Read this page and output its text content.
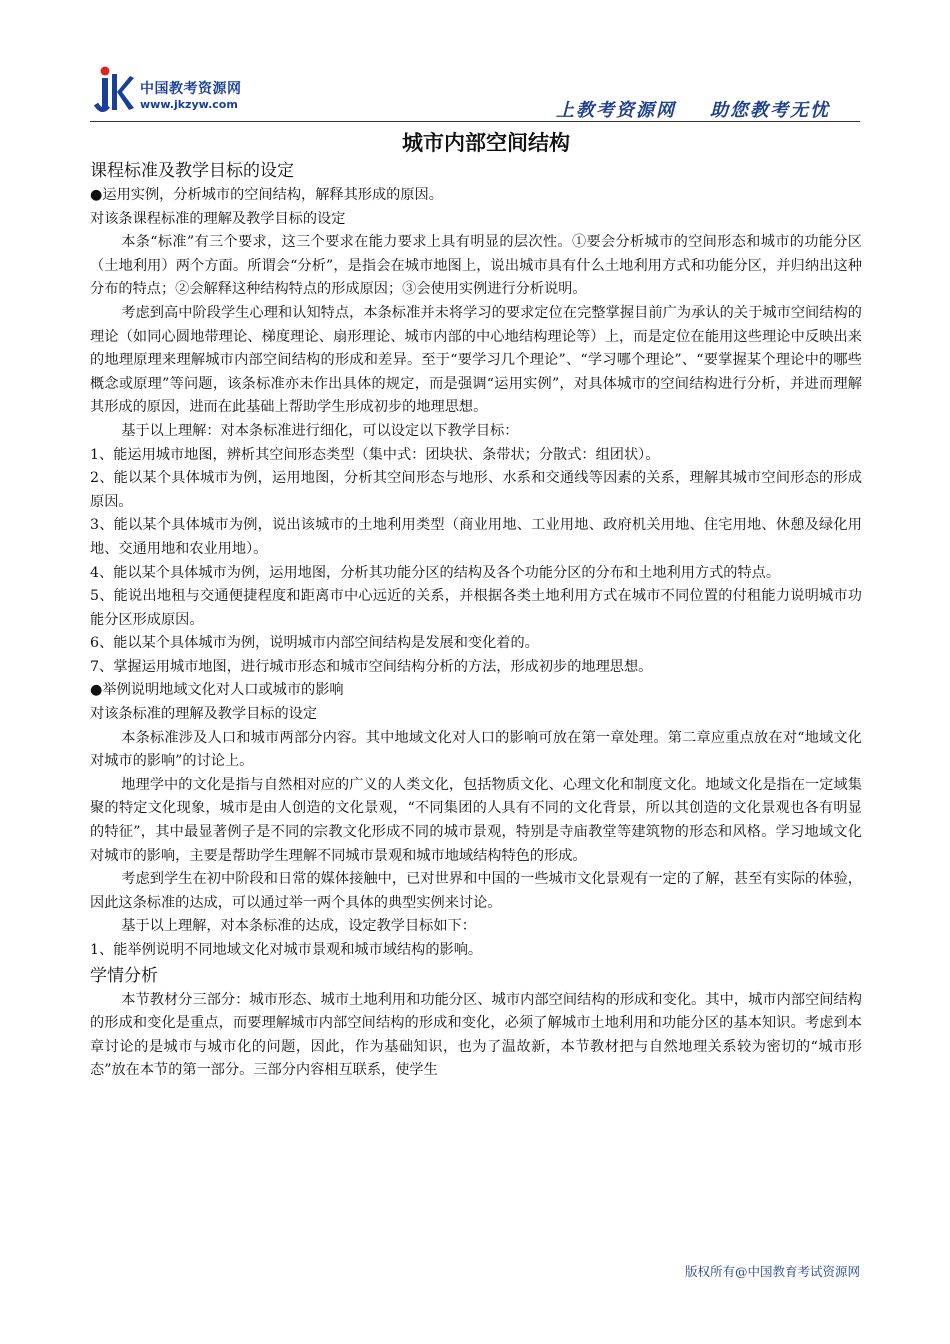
中国教考资源网
www.jkzyw.com	上教考资源网 助您教考无忧
城市内部空间结构
课程标准及教学目标的设定

●运用实例，分析城市的空间结构，解释其形成的原因。

对该条课程标准的理解及教学目标的设定

本条“标准”有三个要求，这三个要求在能力要求上具有明显的层次性。①要会分析城市的空间形态和城市的功能分区（土地利用）两个方面。所谓会“分析”，是指会在城市地图上，说出城市具有什么土地利用方式和功能分区，并归纳出这种分布的特点；②会解释这种结构特点的形成原因；③会使用实例进行分析说明。

考虑到高中阶段学生心理和认知特点，本条标准并未将学习的要求定位在完整掌握目前广为承认的关于城市空间结构的理论（如同心圆地带理论、梯度理论、扇形理论、城市内部的中心地结构理论等）上，而是定位在能用这些理论中反映出来的地理原理来理解城市内部空间结构的形成和差异。至于“要学习几个理论”、“学习哪个理论”、“要掌握某个理论中的哪些概念或原理”等问题，该条标准亦未作出具体的规定，而是强调“运用实例”，对具体城市的空间结构进行分析，并进而理解其形成的原因，进而在此基础上帮助学生形成初步的地理思想。

基于以上理解：对本条标准进行细化，可以设定以下教学目标：

1、能运用城市地图，辨析其空间形态类型（集中式：团块状、条带状；分散式：组团状）。

2、能以某个具体城市为例，运用地图，分析其空间形态与地形、水系和交通线等因素的关系，理解其城市空间形态的形成原因。

3、能以某个具体城市为例，说出该城市的土地利用类型（商业用地、工业用地、政府机关用地、住宅用地、休憩及绿化用地、交通用地和农业用地）。

4、能以某个具体城市为例，运用地图，分析其功能分区的结构及各个功能分区的分布和土地利用方式的特点。

5、能说出地租与交通便捷程度和距离市中心远近的关系，并根据各类土地利用方式在城市不同位置的付租能力说明城市功能分区形成原因。

6、能以某个具体城市为例，说明城市内部空间结构是发展和变化着的。

7、掌握运用城市地图，进行城市形态和城市空间结构分析的方法，形成初步的地理思想。

●举例说明地域文化对人口或城市的影响

对该条标准的理解及教学目标的设定

本条标准涉及人口和城市两部分内容。其中地域文化对人口的影响可放在第一章处理。第二章应重点放在对“地域文化对城市的影响”的讨论上。

地理学中的文化是指与自然相对应的广义的人类文化，包括物质文化、心理文化和制度文化。地域文化是指在一定域集聚的特定文化现象，城市是由人创造的文化景观，“不同集团的人具有不同的文化背景，所以其创造的文化景观也各有明显的特征”，其中最显著例子是不同的宗教文化形成不同的城市景观，特别是寺庙教堂等建筑物的形态和风格。学习地域文化对城市的影响，主要是帮助学生理解不同城市景观和城市地域结构特色的形成。

考虑到学生在初中阶段和日常的媒体接触中，已对世界和中国的一些城市文化景观有一定的了解，甚至有实际的体验，因此这条标准的达成，可以通过举一两个具体的典型实例来讨论。

基于以上理解，对本条标准的达成，设定教学目标如下：

1、能举例说明不同地域文化对城市景观和城市域结构的影响。

学情分析

本节教材分三部分：城市形态、城市土地利用和功能分区、城市内部空间结构的形成和变化。其中，城市内部空间结构的形成和变化是重点，而要理解城市内部空间结构的形成和变化，必须了解城市土地利用和功能分区的基本知识。考虑到本章讨论的是城市与城市化的问题，因此，作为基础知识，也为了温故新，本节教材把与自然地理关系较为密切的“城市形态”放在本节的第一部分。三部分内容相互联系，使学生

版权所有@中国教育考试资源网
